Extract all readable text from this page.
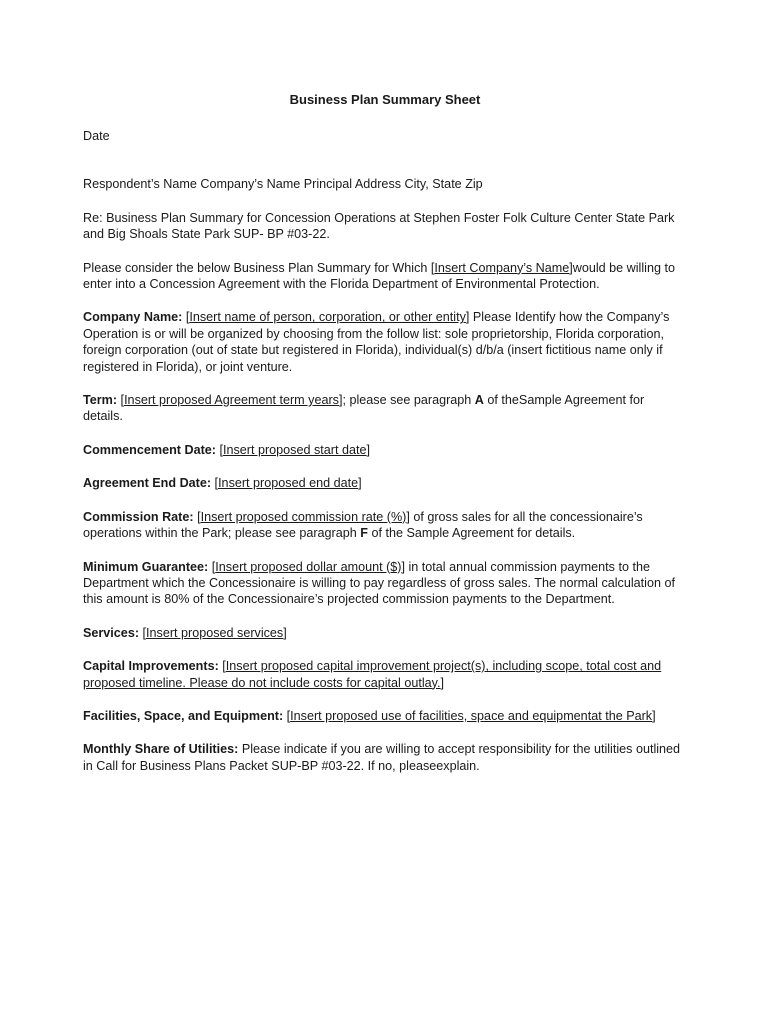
Business Plan Summary Sheet

Date

Respondent’s Name Company’s Name Principal Address City, State Zip

Re: Business Plan Summary for Concession Operations at Stephen Foster Folk Culture Center State Park and Big Shoals State Park SUP- BP #03-22.

Please consider the below Business Plan Summary for Which [Insert Company’s Name]would be willing to enter into a Concession Agreement with the Florida Department of Environmental Protection.

Company Name: [Insert name of person, corporation, or other entity] Please Identify how the Company’s Operation is or will be organized by choosing from the follow list: sole proprietorship, Florida corporation, foreign corporation (out of state but registered in Florida), individual(s) d/b/a (insert fictitious name only if registered in Florida), or joint venture.

Term: [Insert proposed Agreement term years]; please see paragraph A of theSample Agreement for details.

Commencement Date: [Insert proposed start date]

Agreement End Date: [Insert proposed end date]

Commission Rate: [Insert proposed commission rate (%)] of gross sales for all the concessionaire’s operations within the Park; please see paragraph F of the Sample Agreement for details.

Minimum Guarantee: [Insert proposed dollar amount ($)] in total annual commission payments to the Department which the Concessionaire is willing to pay regardless of gross sales. The normal calculation of this amount is 80% of the Concessionaire’s projected commission payments to the Department.

Services: [Insert proposed services]

Capital Improvements: [Insert proposed capital improvement project(s), including scope, total cost and proposed timeline. Please do not include costs for capital outlay.]

Facilities, Space, and Equipment: [Insert proposed use of facilities, space and equipmentat the Park]

Monthly Share of Utilities: Please indicate if you are willing to accept responsibility for the utilities outlined in Call for Business Plans Packet SUP-BP #03-22. If no, pleaseexplain.
